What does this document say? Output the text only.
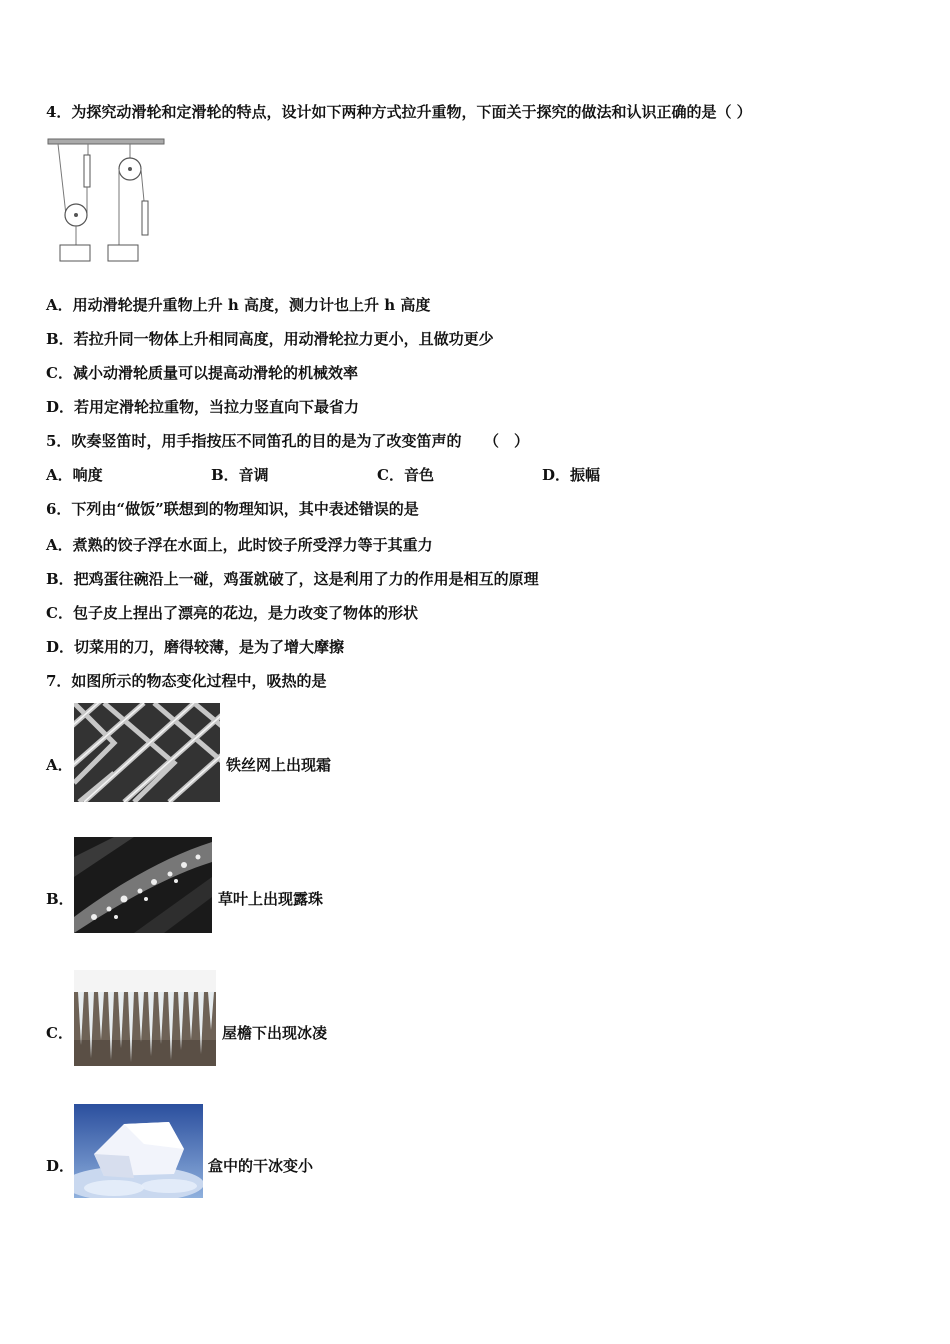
4．为探究动滑轮和定滑轮的特点，设计如下两种方式拉升重物，下面关于探究的做法和认识正确的是（ ）
A．用动滑轮提升重物上升 h 高度，测力计也上升 h 高度
B．若拉升同一物体上升相同高度，用动滑轮拉力更小，且做功更少
C．减小动滑轮质量可以提高动滑轮的机械效率
D．若用定滑轮拉重物，当拉力竖直向下最省力
5．吹奏竖笛时，用手指按压不同笛孔的目的是为了改变笛声的　　（　）
A．响度	B．音调	C．音色	D．振幅
6．下列由“做饭”联想到的物理知识，其中表述错误的是
A．煮熟的饺子浮在水面上，此时饺子所受浮力等于其重力
B．把鸡蛋往碗沿上一碰，鸡蛋就破了，这是利用了力的作用是相互的原理
C．包子皮上捏出了漂亮的花边，是力改变了物体的形状
D．切菜用的刀，磨得较薄，是为了增大摩擦
7．如图所示的物态变化过程中，吸热的是
A．	铁丝网上出现霜
B．	草叶上出现露珠
C．	屋檐下出现冰凌
D．	盒中的干冰变小
